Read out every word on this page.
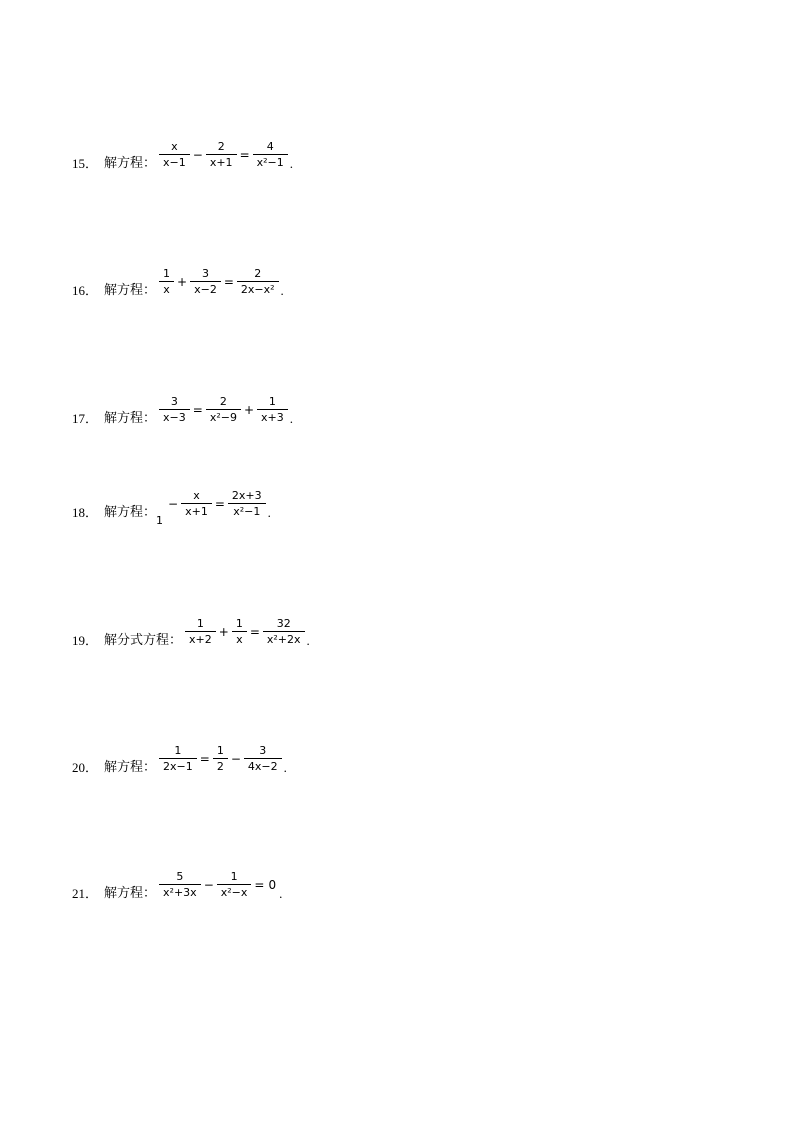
15． 解方程： $\frac{x}{x-1} - \frac{2}{x+1} = \frac{4}{\text{x²−1}}$ .
16． 解方程： $\frac{1}{x} + \frac{3}{x-2} = \frac{2}{\text{2x−x²}}$ .
17． 解方程： $\frac{3}{x-3} = \frac{2}{\text{x²−9}} + \frac{1}{x+3}$ .
18． 解方程：
1
− $\frac{x}{x+1} = \frac{2x+3}{\text{x²−1}}$ .
19． 解分式方程： $\frac{1}{x+2} + \frac{1}{x} = \frac{32}{\text{x²+2x}}$ .
20． 解方程： $\frac{1}{2x-1} = \frac{1}{2} - \frac{3}{4x-2}$ .
21． 解方程： $\frac{5}{\text{x²+3x}} - \frac{1}{\text{x²−x}} = 0$
.
